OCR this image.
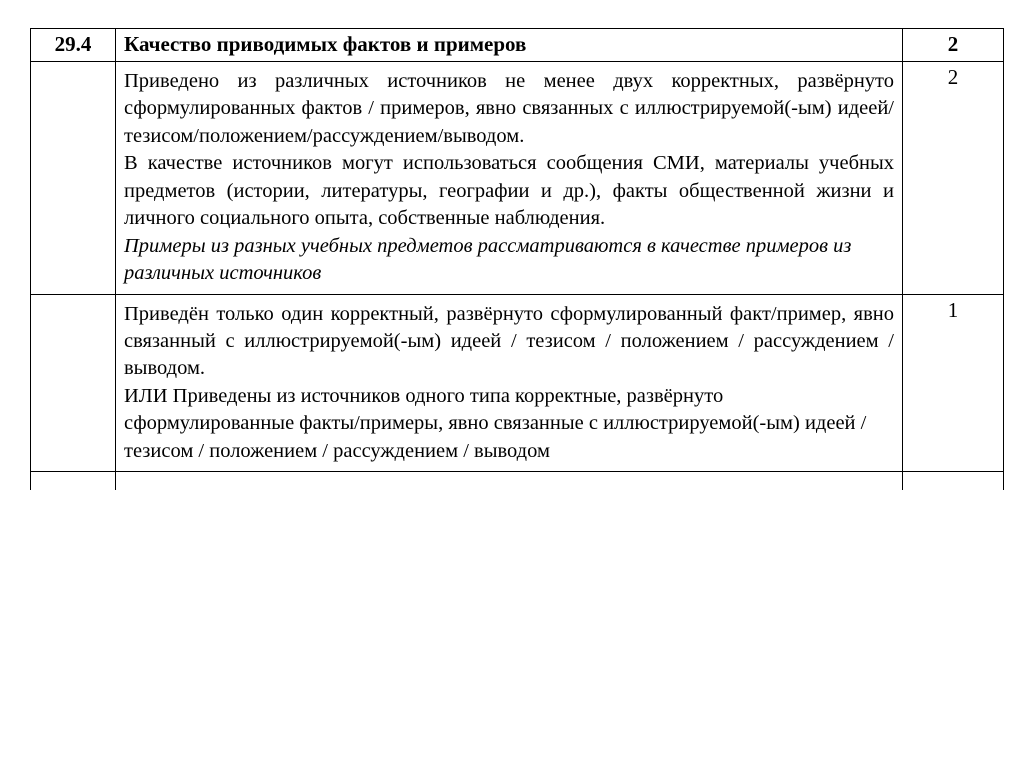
29.4	Качество приводимых фактов и примеров	2

	Приведено из различных источников не менее двух корректных, развёрнуто сформулированных фактов / примеров, явно связанных с иллюстрируемой(-ым) идеей/тезисом/положением/рассуждением/выводом.

В качестве источников могут использоваться сообщения СМИ, материалы учебных предметов (истории, литературы, географии и др.), факты общественной жизни и личного социального опыта, собственные наблюдения.

Примеры из разных учебных предметов рассматриваются в качестве примеров из различных источников	2

	Приведён только один корректный, развёрнуто сформулированный факт/пример, явно связанный с иллюстрируемой(-ым) идеей / тезисом / положением / рассуждением / выводом.

ИЛИ Приведены из источников одного типа корректные, развёрнуто сформулированные факты/примеры, явно связанные с иллюстрируемой(-ым) идеей / тезисом / положением / рассуждением / выводом	1
